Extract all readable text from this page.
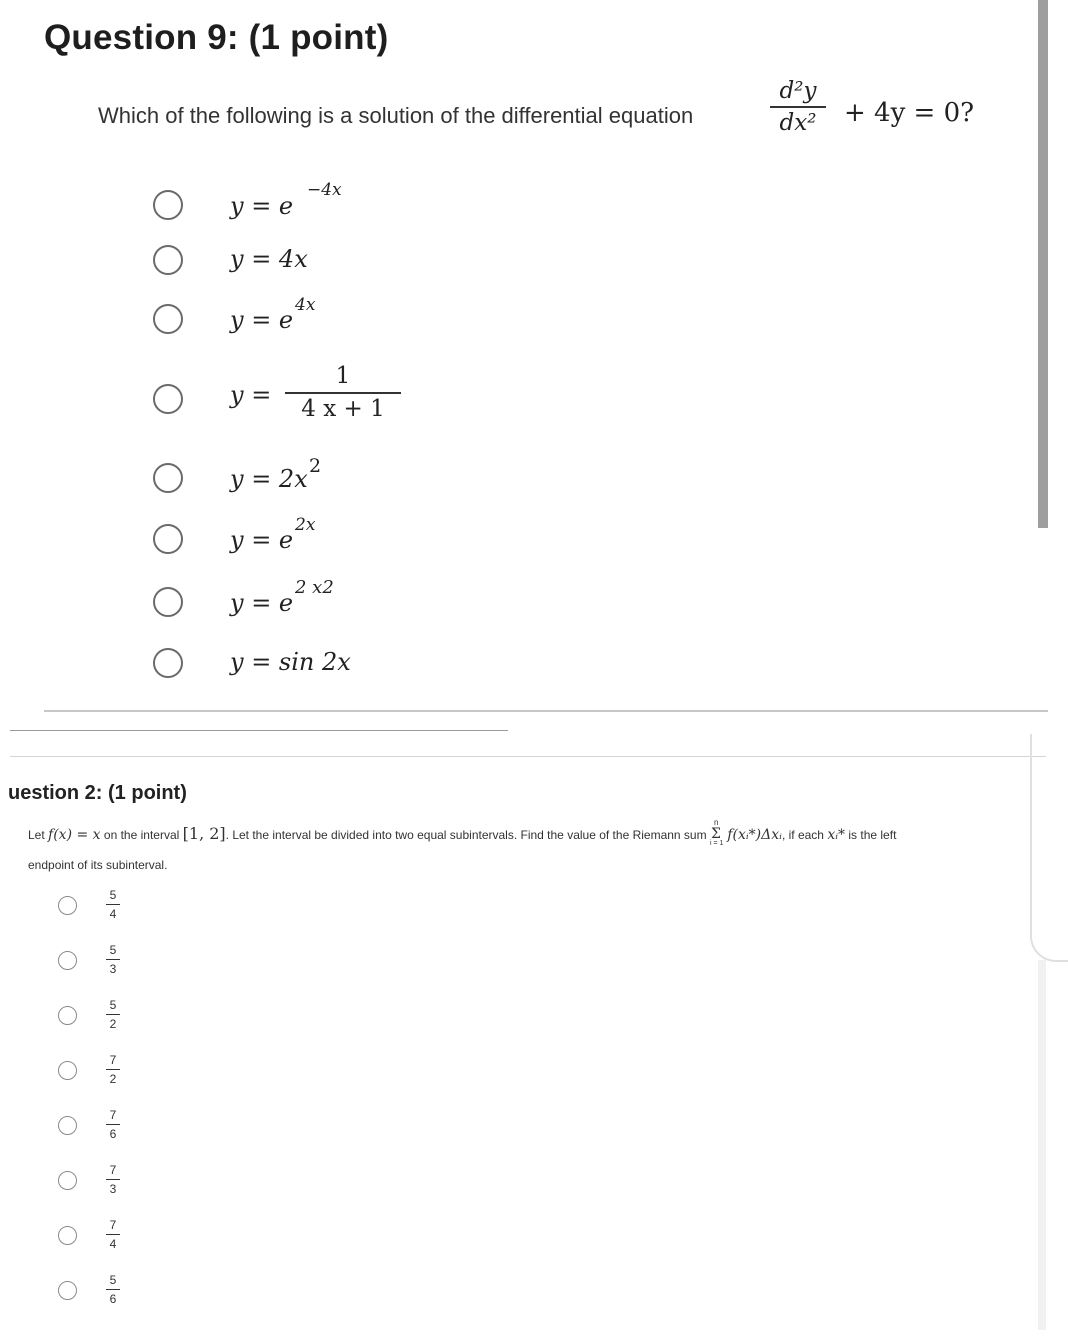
Question 9: (1 point)
Which of the following is a solution of the differential equation	$\frac{\text{d²y}}{\text{dx²}} + 4y = 0$?
y = e
−4x
y = 4x
y = e
4x
$y = \frac{1}{4 x + 1}$
y = 2x 2
y = e
2x
y = e
2 x2
y = sin 2x
uestion 2: (1 point)
Let f(x) = x on the interval [1, 2]. Let the interval be divided into two equal subintervals. Find the value of the Riemann sum
n
Σ
i = 1
f(xᵢ*)Δxᵢ, if each xᵢ* is the left
endpoint of its subinterval.
$\frac{5}{4}$
$\frac{5}{3}$
$\frac{5}{2}$
$\frac{7}{2}$
$\frac{7}{6}$
$\frac{7}{3}$
$\frac{7}{4}$
$\frac{5}{6}$
